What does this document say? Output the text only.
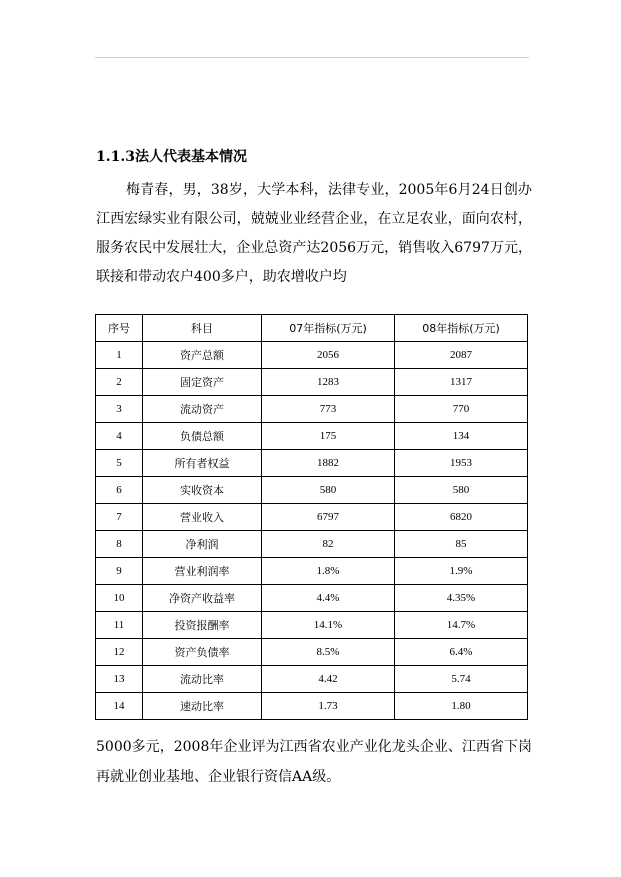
1.1.3法人代表基本情况

梅青春，男，38岁，大学本科，法律专业，2005年6月24日创办江西宏绿实业有限公司，兢兢业业经营企业，在立足农业，面向农村，服务农民中发展壮大，企业总资产达2056万元，销售收入6797万元，联接和带动农户400多户，助农增收户均

序号	科目	07年指标(万元)	08年指标(万元)
1	资产总额	2056	2087
2	固定资产	1283	1317
3	流动资产	773	770
4	负债总额	175	134
5	所有者权益	1882	1953
6	实收资本	580	580
7	营业收入	6797	6820
8	净利润	82	85
9	营业利润率	1.8%	1.9%
10	净资产收益率	4.4%	4.35%
11	投资报酬率	14.1%	14.7%
12	资产负债率	8.5%	6.4%
13	流动比率	4.42	5.74
14	速动比率	1.73	1.80

5000多元，2008年企业评为江西省农业产业化龙头企业、江西省下岗再就业创业基地、企业银行资信AA级。
